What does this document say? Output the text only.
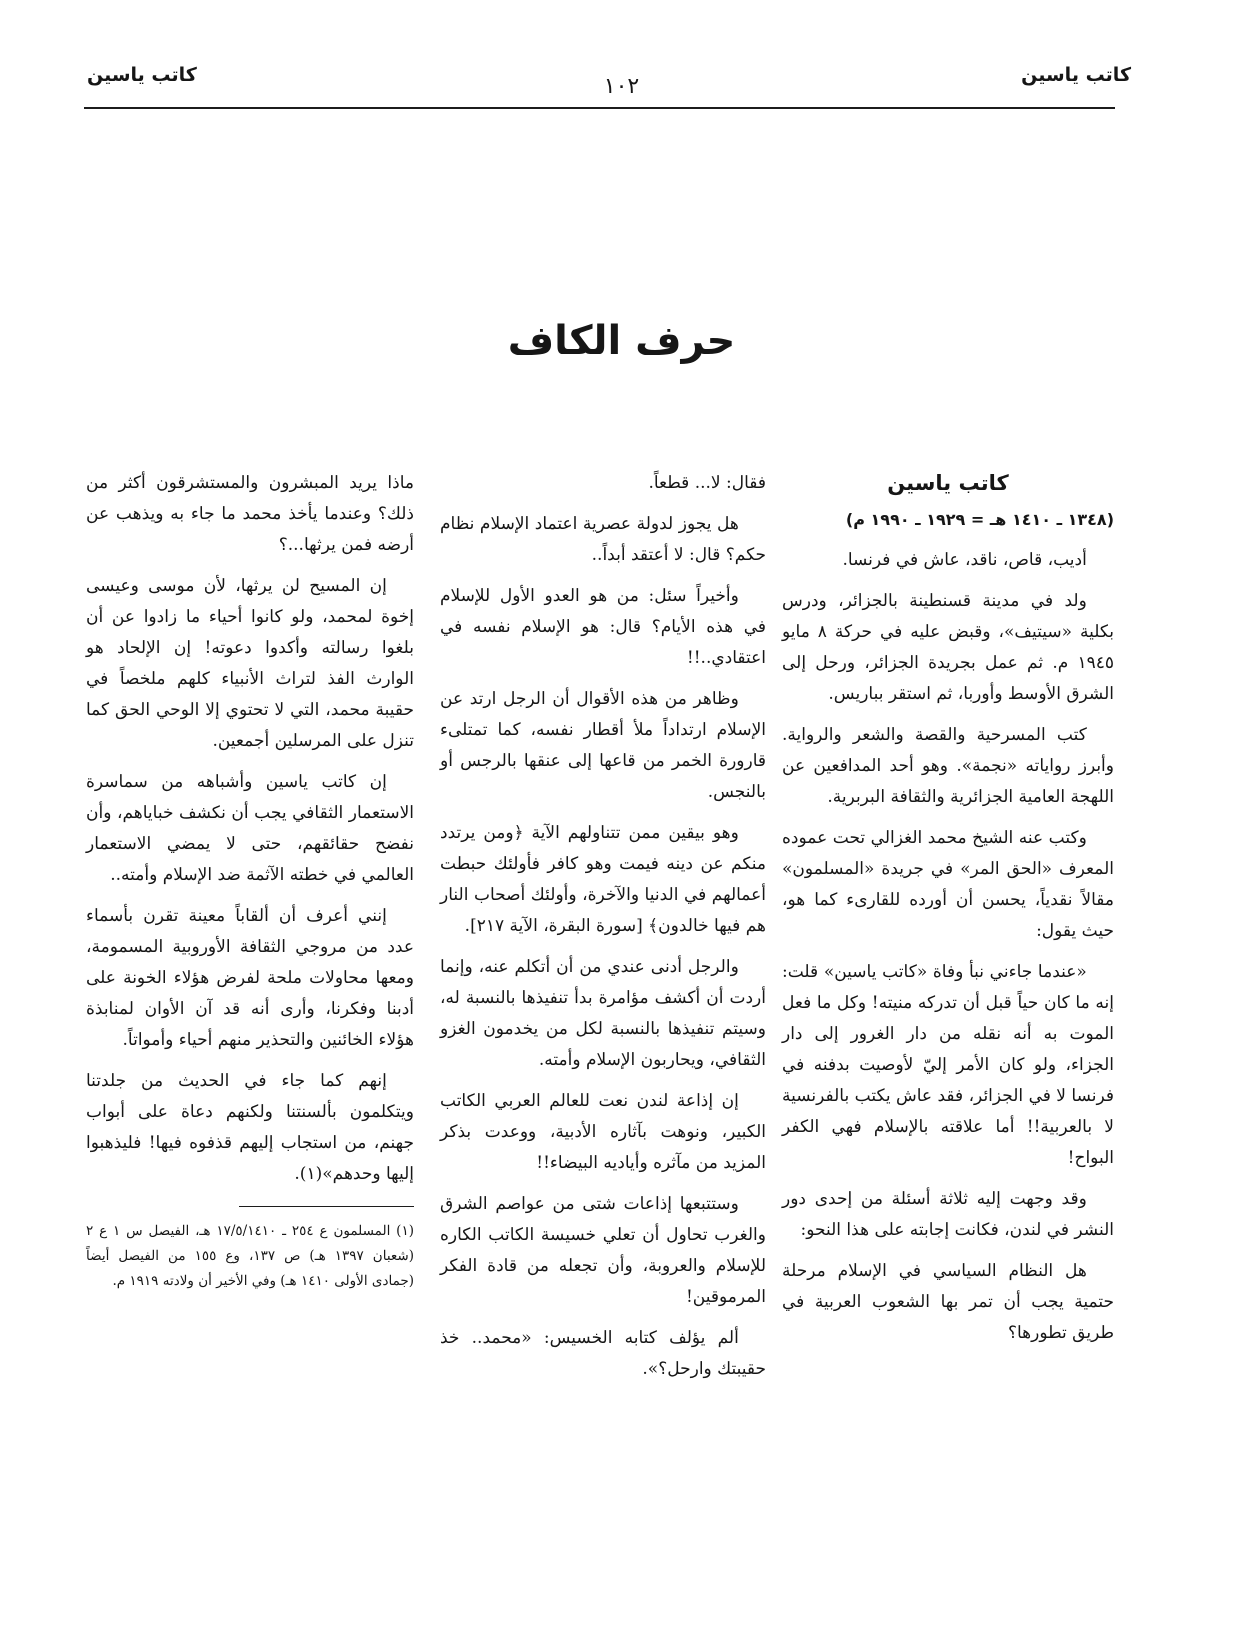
كاتب ياسين
١٠٢
كاتب ياسين
حرف الكاف
كاتب ياسين

(١٣٤٨ ـ ١٤١٠ هـ = ١٩٢٩ ـ ١٩٩٠ م)

أديب، قاص، ناقد، عاش في فرنسا.

ولد في مدينة قسنطينة بالجزائر، ودرس بكلية «سيتيف»، وقبض عليه في حركة ٨ مايو ١٩٤٥ م. ثم عمل بجريدة الجزائر، ورحل إلى الشرق الأوسط وأوربا، ثم استقر بباريس.

كتب المسرحية والقصة والشعر والرواية. وأبرز رواياته «نجمة». وهو أحد المدافعين عن اللهجة العامية الجزائرية والثقافة البربرية.

وكتب عنه الشيخ محمد الغزالي تحت عموده المعرف «الحق المر» في جريدة «المسلمون» مقالاً نقدياً، يحسن أن أورده للقارىء كما هو، حيث يقول:

«عندما جاءني نبأ وفاة «كاتب ياسين» قلت: إنه ما كان حياً قبل أن تدركه منيته! وكل ما فعل الموت به أنه نقله من دار الغرور إلى دار الجزاء، ولو كان الأمر إليّ لأوصيت بدفنه في فرنسا لا في الجزائر، فقد عاش يكتب بالفرنسية لا بالعربية!! أما علاقته بالإسلام فهي الكفر البواح!

وقد وجهت إليه ثلاثة أسئلة من إحدى دور النشر في لندن، فكانت إجابته على هذا النحو:

هل النظام السياسي في الإسلام مرحلة حتمية يجب أن تمر بها الشعوب العربية في طريق تطورها؟

فقال: لا... قطعاً.

هل يجوز لدولة عصرية اعتماد الإسلام نظام حكم؟ قال: لا أعتقد أبداً..

وأخيراً سئل: من هو العدو الأول للإسلام في هذه الأيام؟ قال: هو الإسلام نفسه في اعتقادي..!!

وظاهر من هذه الأقوال أن الرجل ارتد عن الإسلام ارتداداً ملأ أقطار نفسه، كما تمتلىء قارورة الخمر من قاعها إلى عنقها بالرجس أو بالنجس.

وهو بيقين ممن تتناولهم الآية ﴿ومن يرتدد منكم عن دينه فيمت وهو كافر فأولئك حبطت أعمالهم في الدنيا والآخرة، وأولئك أصحاب النار هم فيها خالدون﴾ [سورة البقرة، الآية ٢١٧].

والرجل أدنى عندي من أن أتكلم عنه، وإنما أردت أن أكشف مؤامرة بدأ تنفيذها بالنسبة له، وسيتم تنفيذها بالنسبة لكل من يخدمون الغزو الثقافي، ويحاربون الإسلام وأمته.

إن إذاعة لندن نعت للعالم العربي الكاتب الكبير، ونوهت بآثاره الأدبية، ووعدت بذكر المزيد من مآثره وأياديه البيضاء!!

وستتبعها إذاعات شتى من عواصم الشرق والغرب تحاول أن تعلي خسيسة الكاتب الكاره للإسلام والعروبة، وأن تجعله من قادة الفكر المرموقين!

ألم يؤلف كتابه الخسيس: «محمد.. خذ حقيبتك وارحل؟».

ماذا يريد المبشرون والمستشرقون أكثر من ذلك؟ وعندما يأخذ محمد ما جاء به ويذهب عن أرضه فمن يرثها...؟

إن المسيح لن يرثها، لأن موسى وعيسى إخوة لمحمد، ولو كانوا أحياء ما زادوا عن أن بلغوا رسالته وأكدوا دعوته! إن الإلحاد هو الوارث الفذ لتراث الأنبياء كلهم ملخصاً في حقيبة محمد، التي لا تحتوي إلا الوحي الحق كما تنزل على المرسلين أجمعين.

إن كاتب ياسين وأشباهه من سماسرة الاستعمار الثقافي يجب أن نكشف خباياهم، وأن نفضح حقائقهم، حتى لا يمضي الاستعمار العالمي في خطته الآثمة ضد الإسلام وأمته..

إنني أعرف أن ألقاباً معينة تقرن بأسماء عدد من مروجي الثقافة الأوروبية المسمومة، ومعها محاولات ملحة لفرض هؤلاء الخونة على أدبنا وفكرنا، وأرى أنه قد آن الأوان لمنابذة هؤلاء الخائنين والتحذير منهم أحياء وأمواتاً.

إنهم كما جاء في الحديث من جلدتنا ويتكلمون بألسنتنا ولكنهم دعاة على أبواب جهنم، من استجاب إليهم قذفوه فيها! فليذهبوا إليها وحدهم»(١).

(١) المسلمون ع ٢٥٤ ـ ١٧/٥/١٤١٠ هـ، الفيصل س ١ ع ٢ (شعبان ١٣٩٧ هـ) ص ١٣٧، وع ١٥٥ من الفيصل أيضاً (جمادى الأولى ١٤١٠ هـ) وفي الأخير أن ولادته ١٩١٩ م.
